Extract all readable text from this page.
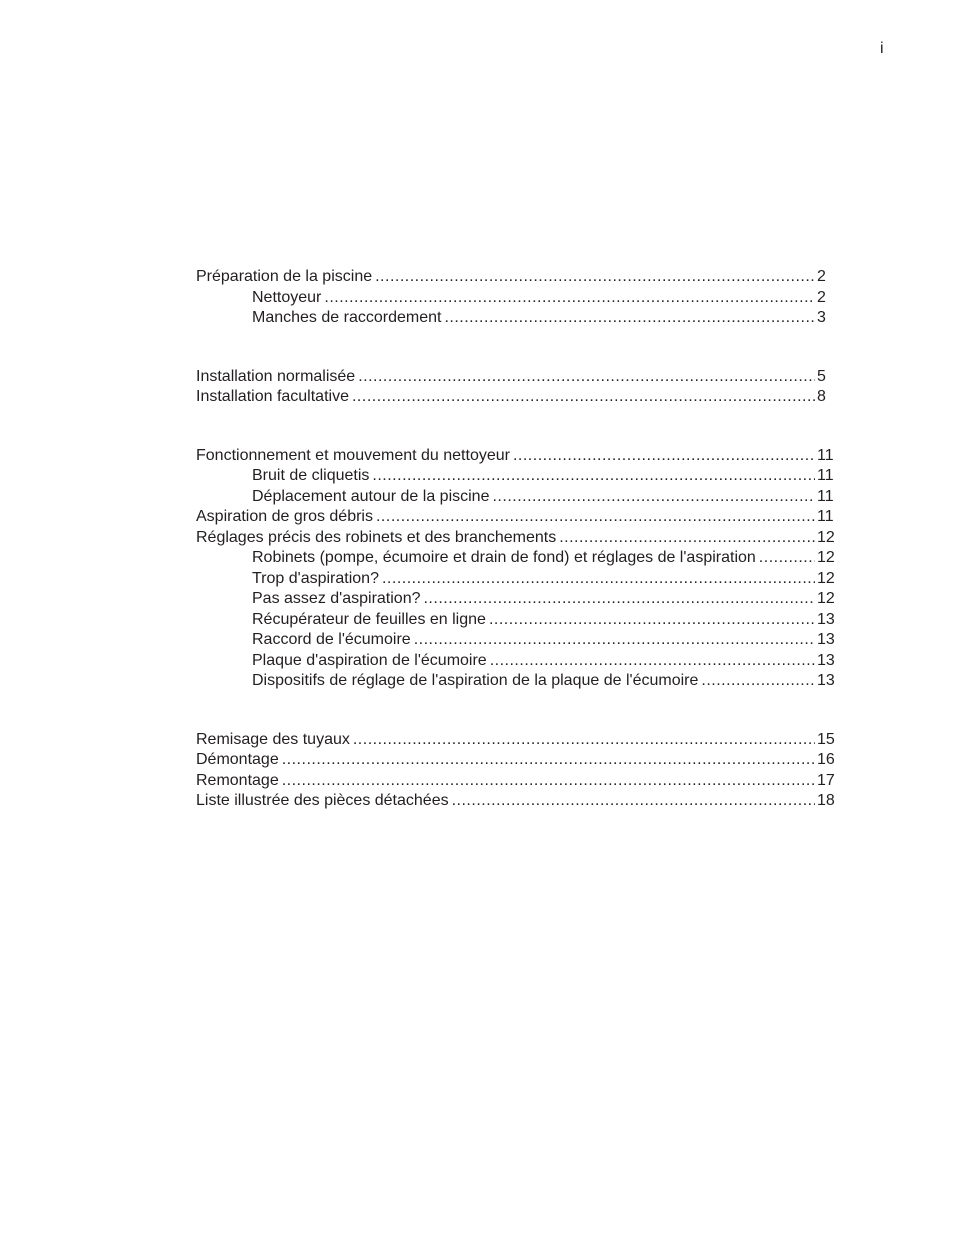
i
Préparation de la piscine .....	2
Nettoyeur .....	2
Manches de raccordement .....	3
Installation normalisée .....	5
Installation facultative .....	8
Fonctionnement et mouvement du nettoyeur .....	11
Bruit de cliquetis .....	11
Déplacement autour de la piscine .....	11
Aspiration de gros débris .....	11
Réglages précis des robinets et des branchements .....	12
Robinets (pompe, écumoire et drain de fond) et réglages de l'aspiration .....	12
Trop d'aspiration? .....	12
Pas assez d'aspiration? .....	12
Récupérateur de feuilles en ligne .....	13
Raccord de l'écumoire .....	13
Plaque d'aspiration de l'écumoire .....	13
Dispositifs de réglage de l'aspiration de la plaque de l'écumoire .....	13
Remisage des tuyaux .....	15
Démontage .....	16
Remontage .....	17
Liste illustrée des pièces détachées .....	18
